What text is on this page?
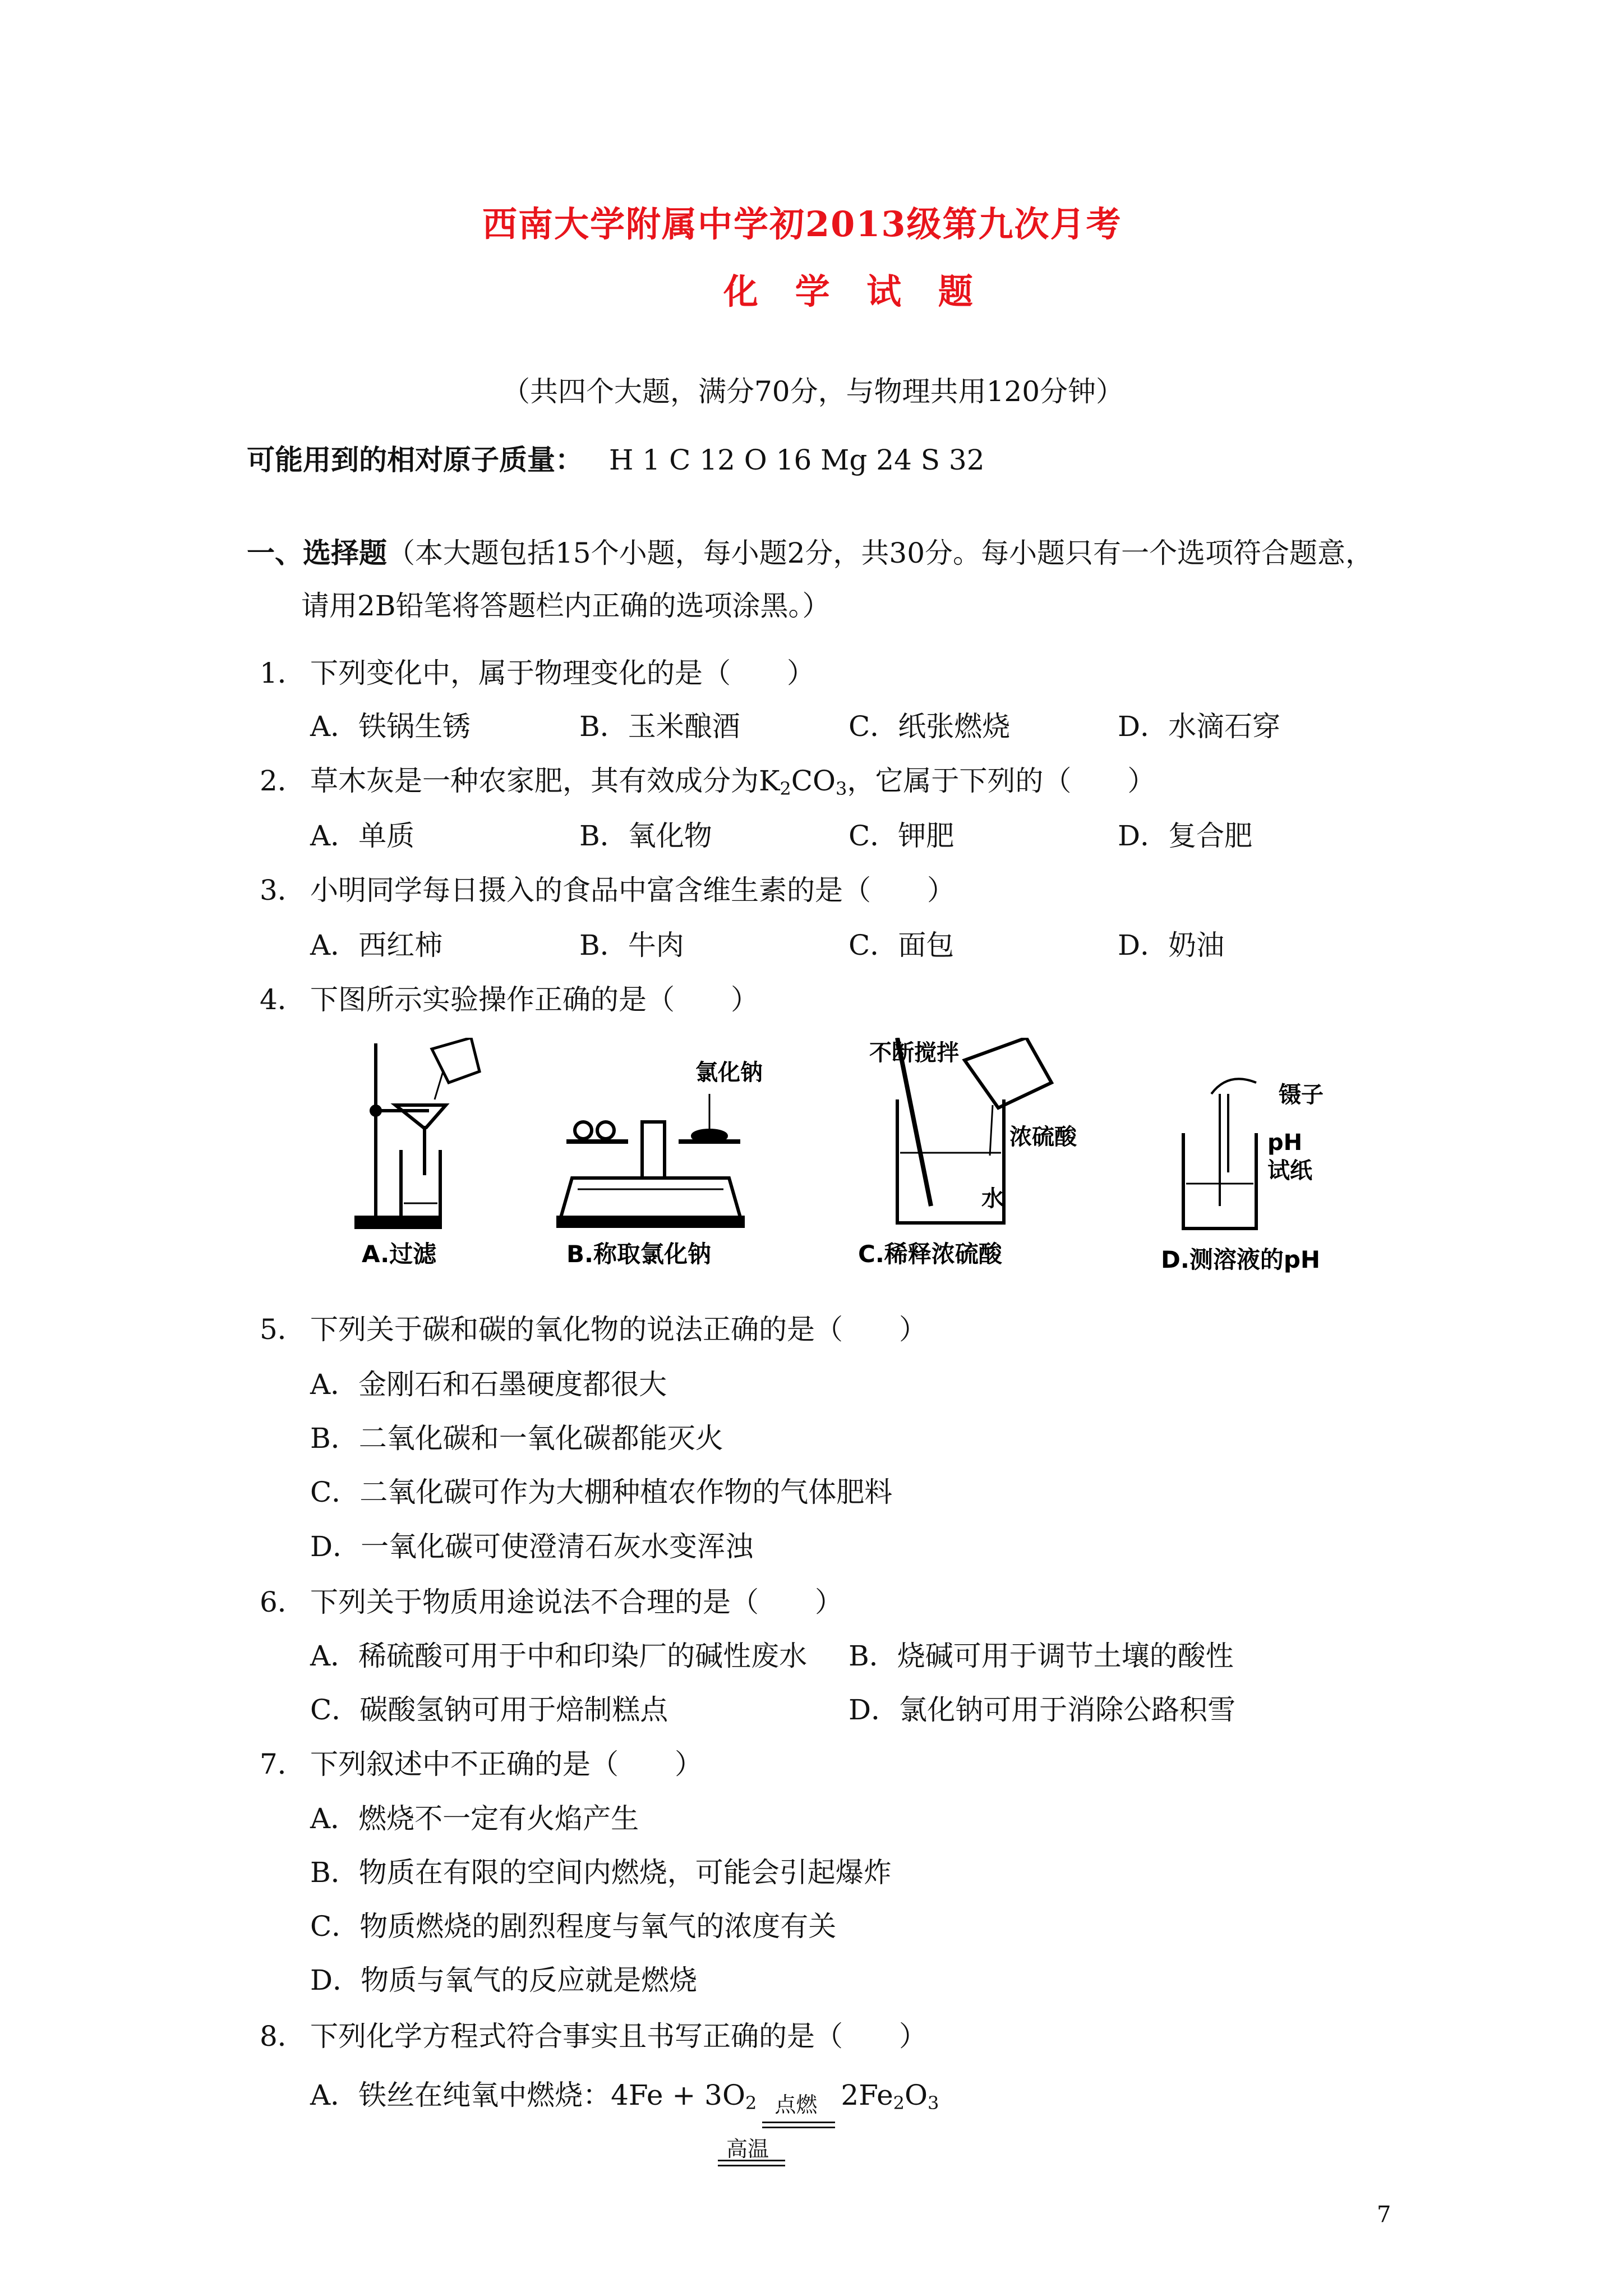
西南大学附属中学初2013级第九次月考
化 学 试 题
（共四个大题，满分70分，与物理共用120分钟）
可能用到的相对原子质量： H 1 C 12 O 16 Mg 24 S 32
一、选择题（本大题包括15个小题，每小题2分，共30分。每小题只有一个选项符合题意，
请用2B铅笔将答题栏内正确的选项涂黑。）
1． 下列变化中，属于物理变化的是（　　）
A．铁锅生锈	B．玉米酿酒	C．纸张燃烧	D．水滴石穿
2． 草木灰是一种农家肥，其有效成分为$K_2CO_3$，它属于下列的（　　）
A．单质	B．氧化物	C．钾肥	D．复合肥
3． 小明同学每日摄入的食品中富含维生素的是（　　）
A．西红柿	B．牛肉	C．面包	D．奶油
4． 下图所示实验操作正确的是（　　）
氯化钠
不断搅拌
浓硫酸
水
镊子
pH
试纸
A.过滤	B.称取氯化钠	C.稀释浓硫酸	D.测溶液的pH
5． 下列关于碳和碳的氧化物的说法正确的是（　　）
A．金刚石和石墨硬度都很大
B．二氧化碳和一氧化碳都能灭火
C．二氧化碳可作为大棚种植农作物的气体肥料
D．一氧化碳可使澄清石灰水变浑浊
6． 下列关于物质用途说法不合理的是（　　）
A．稀硫酸可用于中和印染厂的碱性废水 B．烧碱可用于调节土壤的酸性
C．碳酸氢钠可用于焙制糕点	D．氯化钠可用于消除公路积雪
7． 下列叙述中不正确的是（　　）
A．燃烧不一定有火焰产生
B．物质在有限的空间内燃烧，可能会引起爆炸
C．物质燃烧的剧烈程度与氧气的浓度有关
D．物质与氧气的反应就是燃烧
8． 下列化学方程式符合事实且书写正确的是（　　）
A．铁丝在纯氧中燃烧：$4Fe + 3O_2$ 点燃 $2Fe_2O_3$
高温
7
